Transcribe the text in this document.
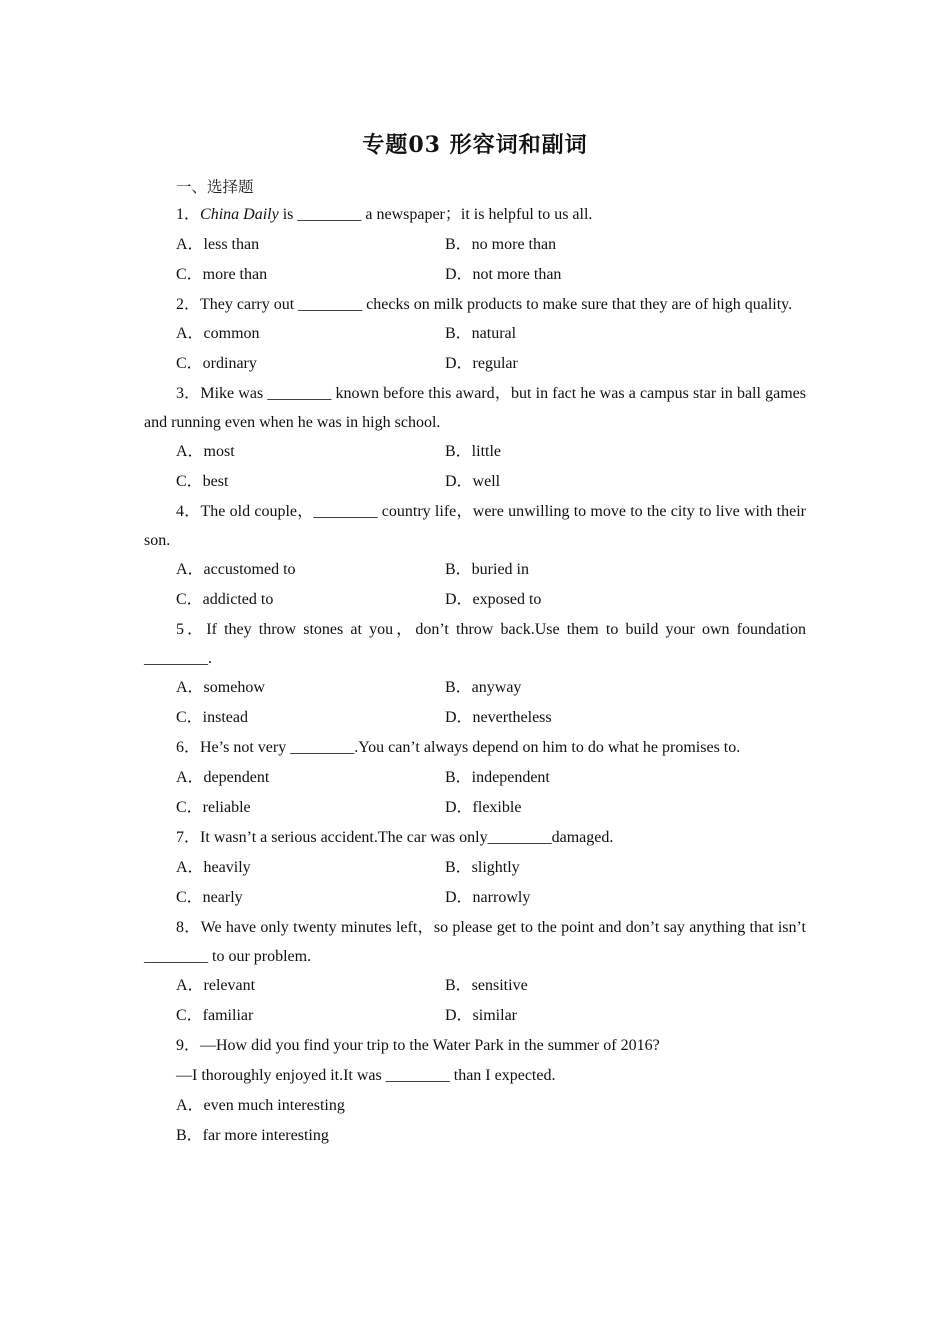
专题03 形容词和副词
一、选择题
1．China Daily is ________ a newspaper；it is helpful to us all.
A．less than	B．no more than
C．more than	D．not more than
2．They carry out ________ checks on milk products to make sure that they are of high quality.
A．common	B．natural
C．ordinary	D．regular
3．Mike was ________ known before this award，but in fact he was a campus star in ball games and running even when he was in high school.
A．most	B．little
C．best	D．well
4．The old couple，________ country life，were unwilling to move to the city to live with their son.
A．accustomed to	B．buried in
C．addicted to	D．exposed to
5．If they throw stones at you，don’t throw back.Use them to build your own foundation ________.
A．somehow	B．anyway
C．instead	D．nevertheless
6．He’s not very ________.You can’t always depend on him to do what he promises to.
A．dependent	B．independent
C．reliable	D．flexible
7．It wasn’t a serious accident.The car was only________damaged.
A．heavily	B．slightly
C．nearly	D．narrowly
8．We have only twenty minutes left，so please get to the point and don’t say anything that isn’t ________ to our problem.
A．relevant	B．sensitive
C．familiar	D．similar
9．—How did you find your trip to the Water Park in the summer of 2016?
—I thoroughly enjoyed it.It was ________ than I expected.
A．even much interesting
B．far more interesting
